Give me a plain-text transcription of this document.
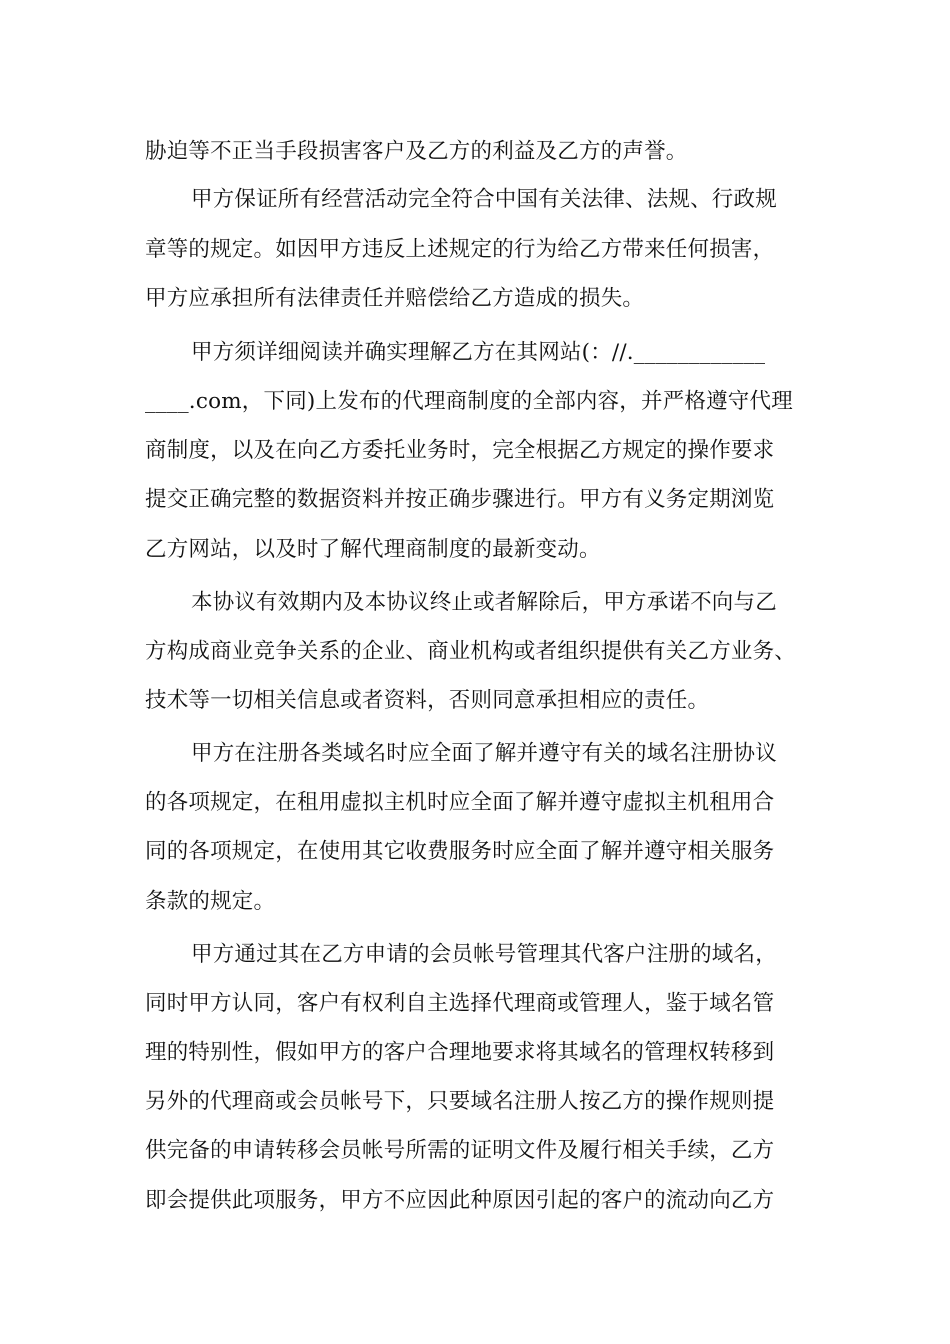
胁迫等不正当手段损害客户及乙方的利益及乙方的声誉。
甲方保证所有经营活动完全符合中国有关法律、法规、行政规
章等的规定。如因甲方违反上述规定的行为给乙方带来任何损害，
甲方应承担所有法律责任并赔偿给乙方造成的损失。
甲方须详细阅读并确实理解乙方在其网站(：//.____________
____.com，下同)上发布的代理商制度的全部内容，并严格遵守代理
商制度，以及在向乙方委托业务时，完全根据乙方规定的操作要求
提交正确完整的数据资料并按正确步骤进行。甲方有义务定期浏览
乙方网站，以及时了解代理商制度的最新变动。
本协议有效期内及本协议终止或者解除后，甲方承诺不向与乙
方构成商业竞争关系的企业、商业机构或者组织提供有关乙方业务、
技术等一切相关信息或者资料，否则同意承担相应的责任。
甲方在注册各类域名时应全面了解并遵守有关的域名注册协议
的各项规定，在租用虚拟主机时应全面了解并遵守虚拟主机租用合
同的各项规定，在使用其它收费服务时应全面了解并遵守相关服务
条款的规定。
甲方通过其在乙方申请的会员帐号管理其代客户注册的域名，
同时甲方认同，客户有权利自主选择代理商或管理人，鉴于域名管
理的特别性，假如甲方的客户合理地要求将其域名的管理权转移到
另外的代理商或会员帐号下，只要域名注册人按乙方的操作规则提
供完备的申请转移会员帐号所需的证明文件及履行相关手续，乙方
即会提供此项服务，甲方不应因此种原因引起的客户的流动向乙方
